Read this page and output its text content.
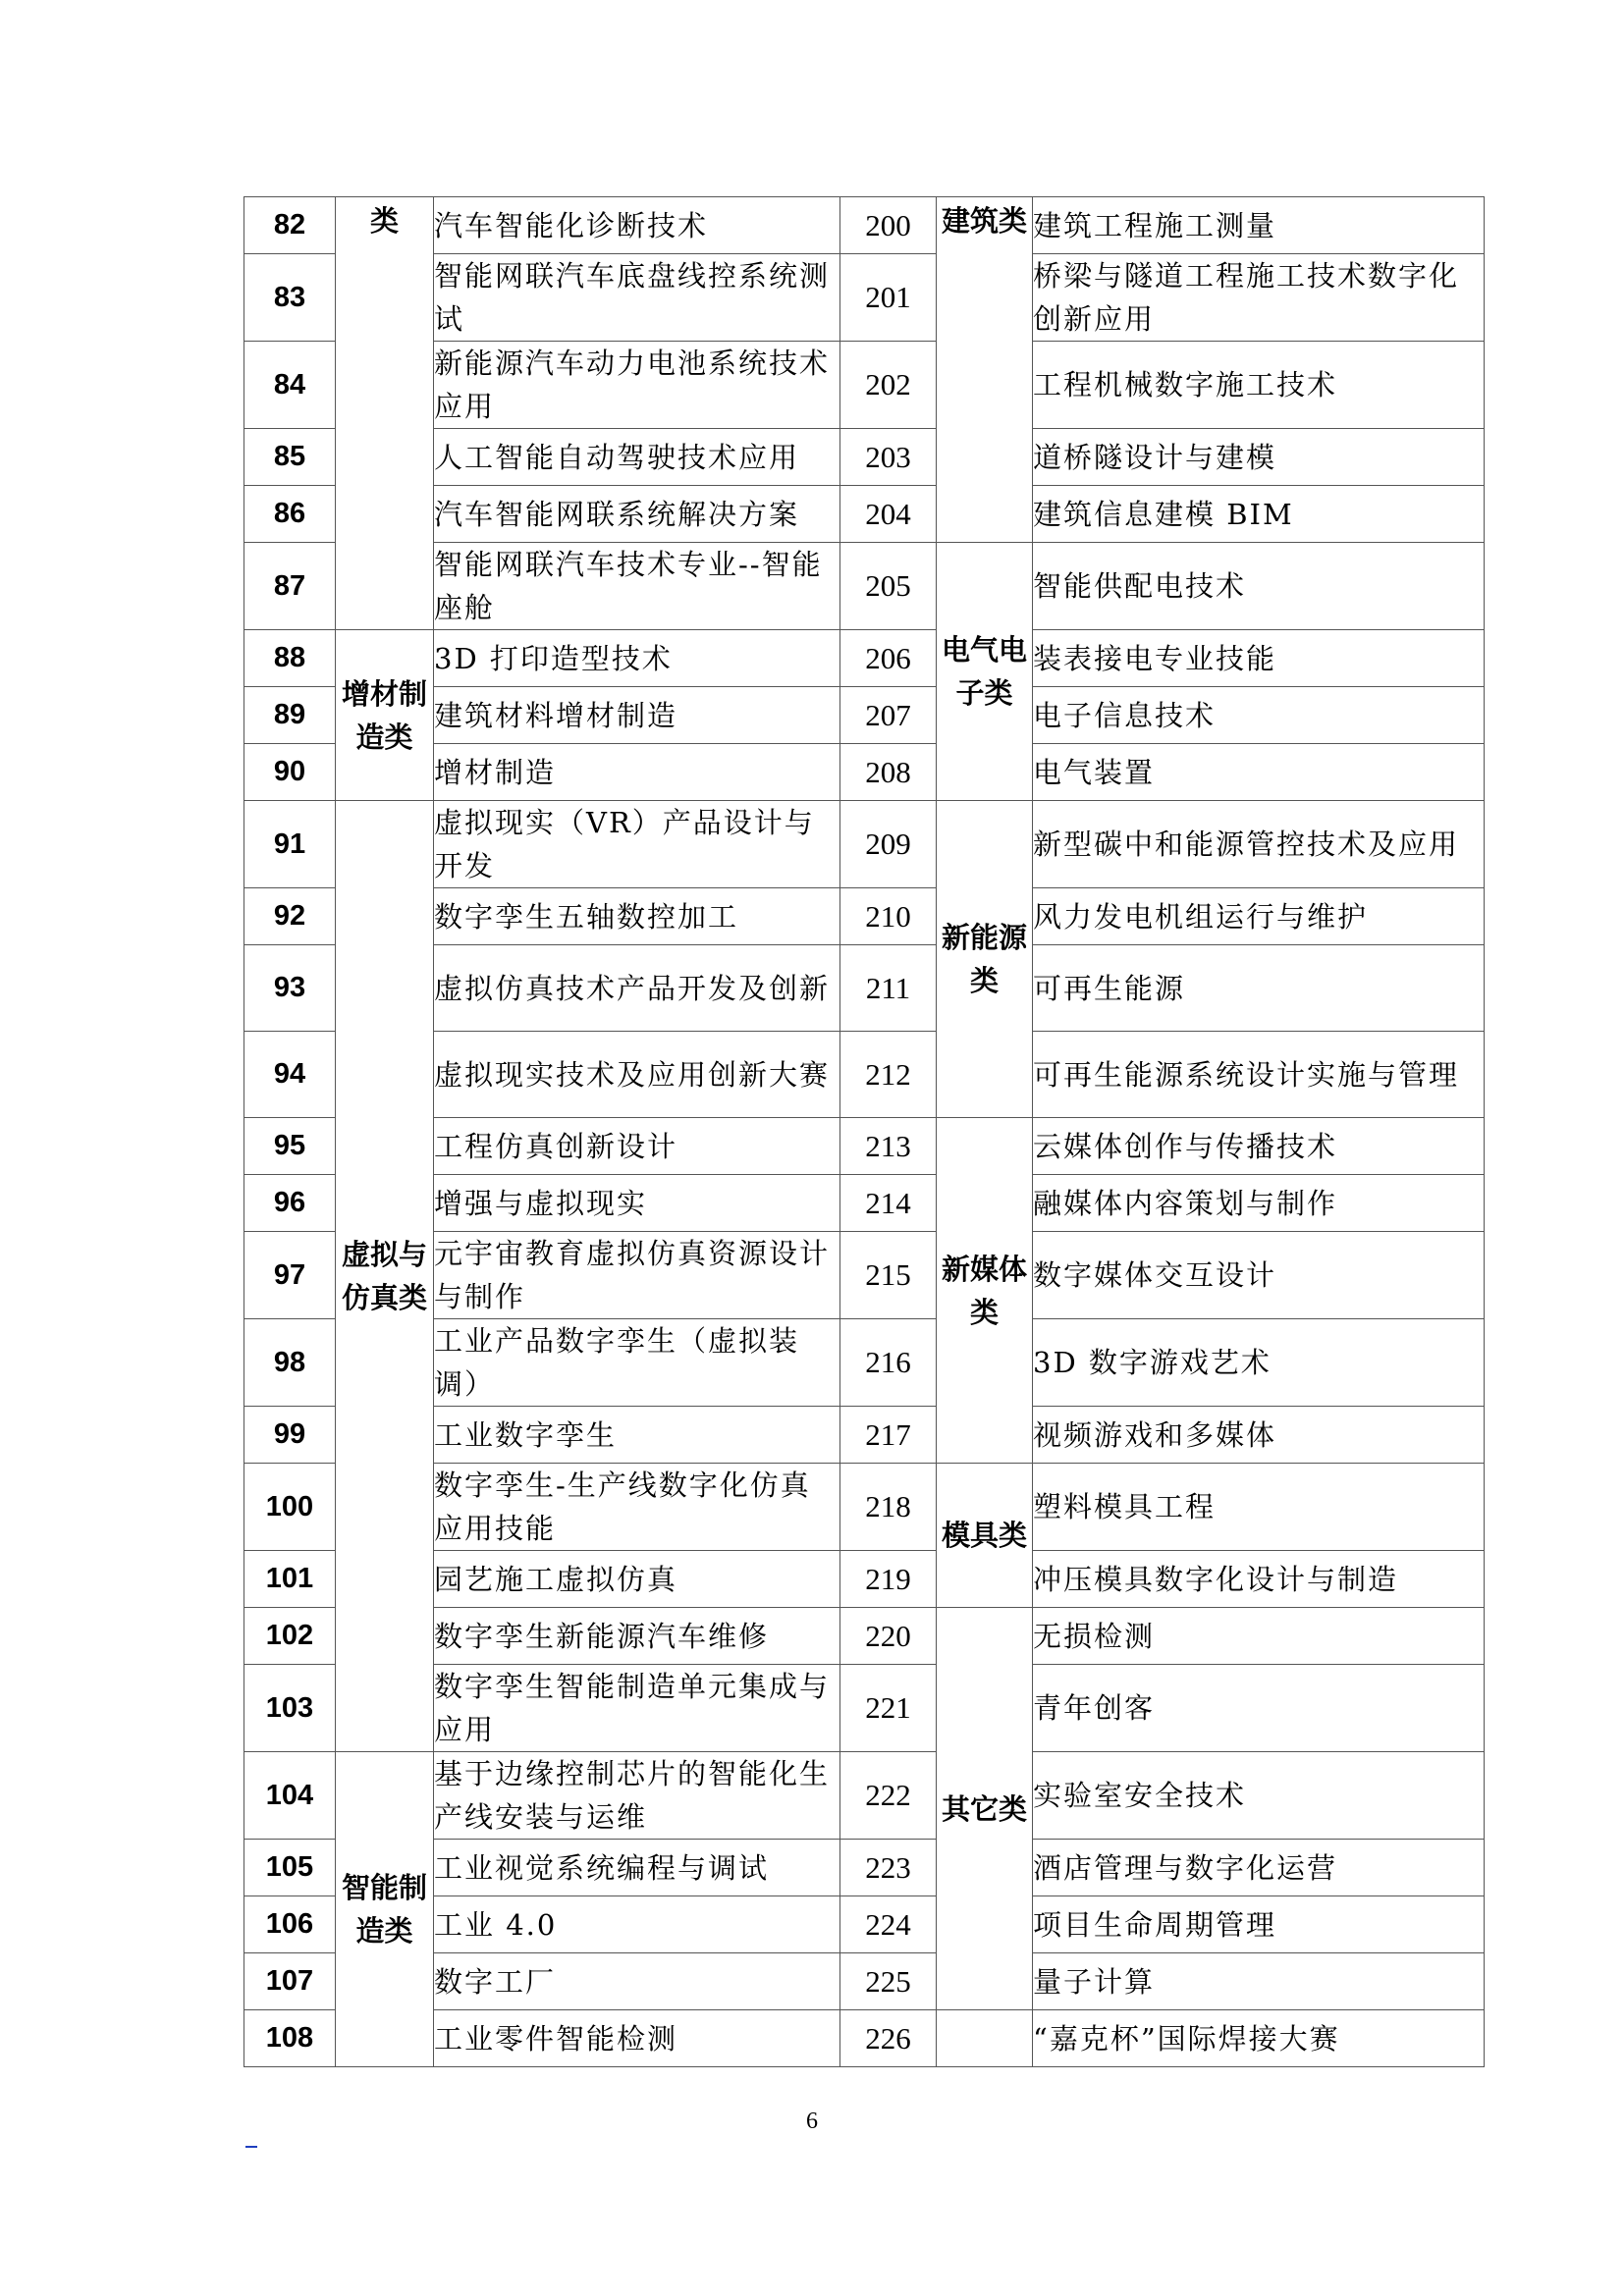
82	类	汽车智能化诊断技术	200	建筑类	建筑工程施工测量
83		智能网联汽车底盘线控系统测试	201		桥梁与隧道工程施工技术数字化创新应用
84		新能源汽车动力电池系统技术应用	202		工程机械数字施工技术
85		人工智能自动驾驶技术应用	203		道桥隧设计与建模
86		汽车智能网联系统解决方案	204		建筑信息建模 BIM
87		智能网联汽车技术专业--智能座舱	205	电气电子类	智能供配电技术
88	增材制造类	3D 打印造型技术	206		装表接电专业技能
89		建筑材料增材制造	207		电子信息技术
90		增材制造	208		电气装置
91	虚拟与仿真类	虚拟现实（VR）产品设计与开发	209	新能源类	新型碳中和能源管控技术及应用
92		数字孪生五轴数控加工	210		风力发电机组运行与维护
93		虚拟仿真技术产品开发及创新	211		可再生能源
94		虚拟现实技术及应用创新大赛	212		可再生能源系统设计实施与管理
95		工程仿真创新设计	213	新媒体类	云媒体创作与传播技术
96		增强与虚拟现实	214		融媒体内容策划与制作
97		元宇宙教育虚拟仿真资源设计与制作	215		数字媒体交互设计
98		工业产品数字孪生（虚拟装调）	216		3D 数字游戏艺术
99		工业数字孪生	217		视频游戏和多媒体
100		数字孪生-生产线数字化仿真应用技能	218	模具类	塑料模具工程
101		园艺施工虚拟仿真	219		冲压模具数字化设计与制造
102		数字孪生新能源汽车维修	220	其它类	无损检测
103		数字孪生智能制造单元集成与应用	221		青年创客
104	智能制造类	基于边缘控制芯片的智能化生产线安装与运维	222		实验室安全技术
105		工业视觉系统编程与调试	223		酒店管理与数字化运营
106		工业 4.0	224		项目生命周期管理
107		数字工厂	225		量子计算
108		工业零件智能检测	226		“嘉克杯”国际焊接大赛
6
